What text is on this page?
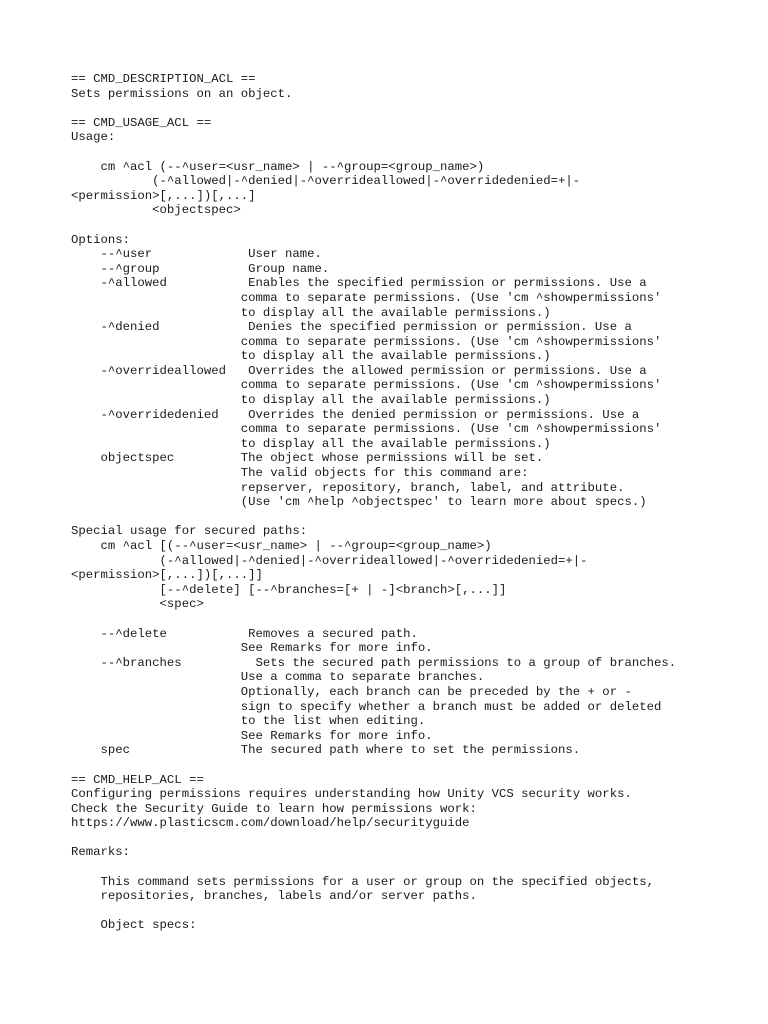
== CMD_DESCRIPTION_ACL ==
Sets permissions on an object.
== CMD_USAGE_ACL ==
Usage:
cm ^acl (--^user=<usr_name> | --^group=<group_name>)
(-^allowed|-^denied|-^overrideallowed|-^overridedenied=+|-
<permission>[,...])[,...]
<objectspec>
Options:
--^user             User name.
--^group            Group name.
-^allowed           Enables the specified permission or permissions. Use a
comma to separate permissions. (Use 'cm ^showpermissions'
to display all the available permissions.)
-^denied            Denies the specified permission or permission. Use a
comma to separate permissions. (Use 'cm ^showpermissions'
to display all the available permissions.)
-^overrideallowed   Overrides the allowed permission or permissions. Use a
comma to separate permissions. (Use 'cm ^showpermissions'
to display all the available permissions.)
-^overridedenied    Overrides the denied permission or permissions. Use a
comma to separate permissions. (Use 'cm ^showpermissions'
to display all the available permissions.)
objectspec         The object whose permissions will be set.
The valid objects for this command are:
repserver, repository, branch, label, and attribute.
(Use 'cm ^help ^objectspec' to learn more about specs.)
Special usage for secured paths:
cm ^acl [(--^user=<usr_name> | --^group=<group_name>)
(-^allowed|-^denied|-^overrideallowed|-^overridedenied=+|-
<permission>[,...])[,...]]
[--^delete] [--^branches=[+ | -]<branch>[,...]]
<spec>
--^delete           Removes a secured path.
See Remarks for more info.
--^branches          Sets the secured path permissions to a group of branches.
Use a comma to separate branches.
Optionally, each branch can be preceded by the + or -
sign to specify whether a branch must be added or deleted
to the list when editing.
See Remarks for more info.
spec               The secured path where to set the permissions.
== CMD_HELP_ACL ==
Configuring permissions requires understanding how Unity VCS security works.
Check the Security Guide to learn how permissions work:
https://www.plasticscm.com/download/help/securityguide
Remarks:
This command sets permissions for a user or group on the specified objects,
repositories, branches, labels and/or server paths.
Object specs:
